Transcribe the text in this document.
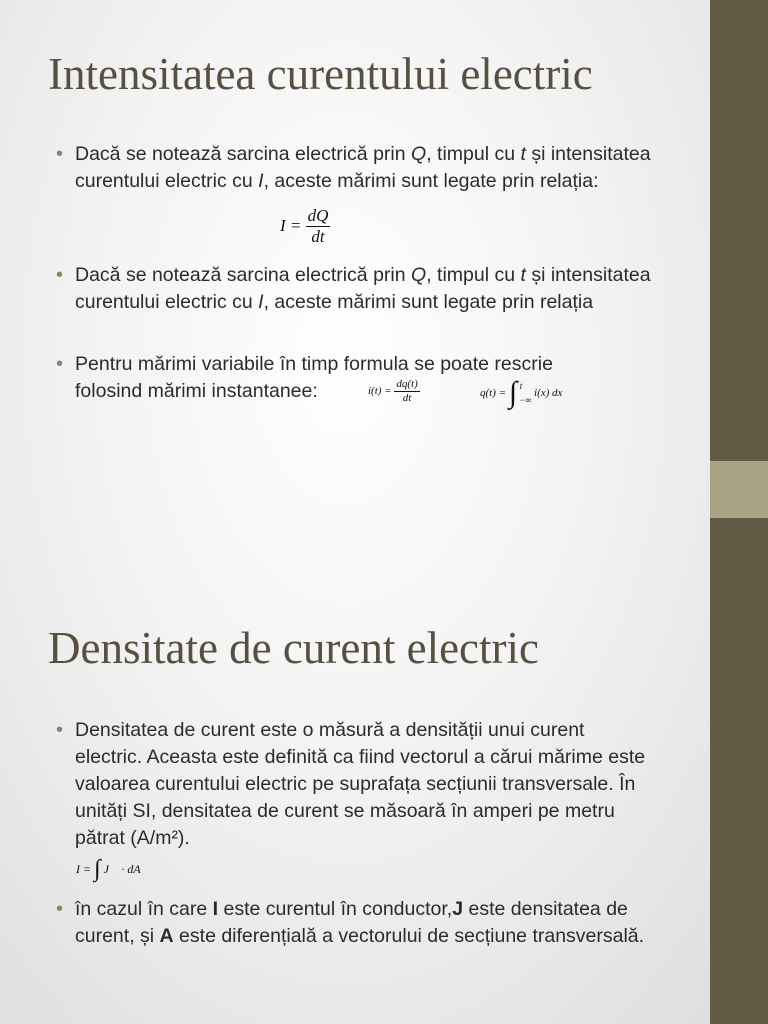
Intensitatea curentului electric
• Dacă se notează sarcina electrică prin Q, timpul cu t și intensitatea curentului electric cu I, aceste mărimi sunt legate prin relația:
$I = \frac{dQ}{dt}$
• Dacă se notează sarcina electrică prin Q, timpul cu t și intensitatea curentului electric cu I, aceste mărimi sunt legate prin relația
• Pentru mărimi variabile în timp formula se poate rescrie folosind mărimi instantanee:	$i(t) = \frac{dq(t)}{dt}$	q(t) = ∫ t
−∞
i(x) dx
Densitate de curent electric
• Densitatea de curent este o măsură a densității unui curent electric. Aceasta este definită ca fiind vectorul a cărui mărime este valoarea curentului electric pe suprafața secțiunii transversale. În unități SI, densitatea de curent se măsoară în amperi pe metru pătrat (A/m²).
I = ∫ J⃗ · dA⃗
• în cazul în care I este curentul în conductor,J este densitatea de curent, și A este diferențială a vectorului de secțiune transversală.
